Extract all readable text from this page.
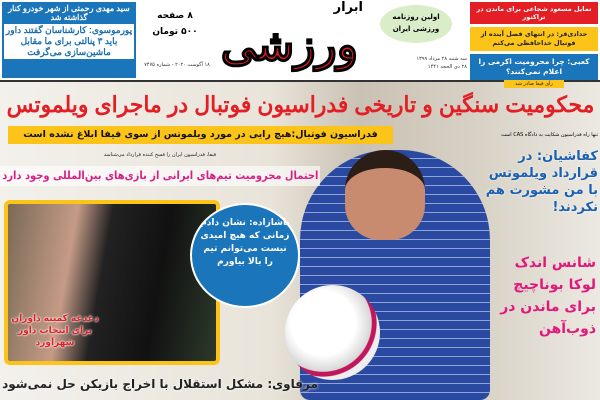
سید مهدی رحمتی از شهر خودرو کنار گذاشته شد
پورموسوی: کارشناسان گفتند داور باید ۳ پنالتی برای ما مقابل ماشین‌سازی می‌گرفت
۸ صفحه
۵۰۰ تومان
۱۸ آگوست ۲۰۲۰ - شماره ۷۴۷۵
ابرار
ورزشی
اولین روزنامه
ورزشی ایران
سه شنبه ۲۸ مرداد ۱۳۹۹
۲۸ ذی الحجه ۱۴۴۱
تمایل مسعود شجاعی برای ماندن در تراکتور
حدادی‌فر: در انتهای فصل آینده از فوتبال خداحافظی می‌کنم
کعبی: چرا محرومیت اکرمی را اعلام نمی‌کنند؟
رأی فیفا صادر شد
محکومیت سنگین و تاریخی فدراسیون فوتبال در ماجرای ویلموتس
فدراسیون فوتبال:هیچ رایی در مورد ویلموتس از سوی فیفا ابلاغ نشده است	تنها راه فدراسیون شکایت به دادگاه CAS است
کفاشیان: در قرارداد ویلموتس با من مشورت هم نکردند!
شانس اندک لوکا بوناچیچ برای ماندن در ذوب‌آهن
فیفا، فدراسیون ایران را فسخ کننده قرارداد می‌شناسد
احتمال محرومیت تیم‌های ایرانی از بازی‌های بین‌المللی وجود دارد
دغدغه کمیته داوران برای انتخاب داور شهرآورد
پاشازاده: نشان دادم زمانی که هیچ امیدی نیست می‌توانم تیم را بالا بیاورم
مرفاوی: مشکل استقلال با اخراج بازیکن حل نمی‌شود
